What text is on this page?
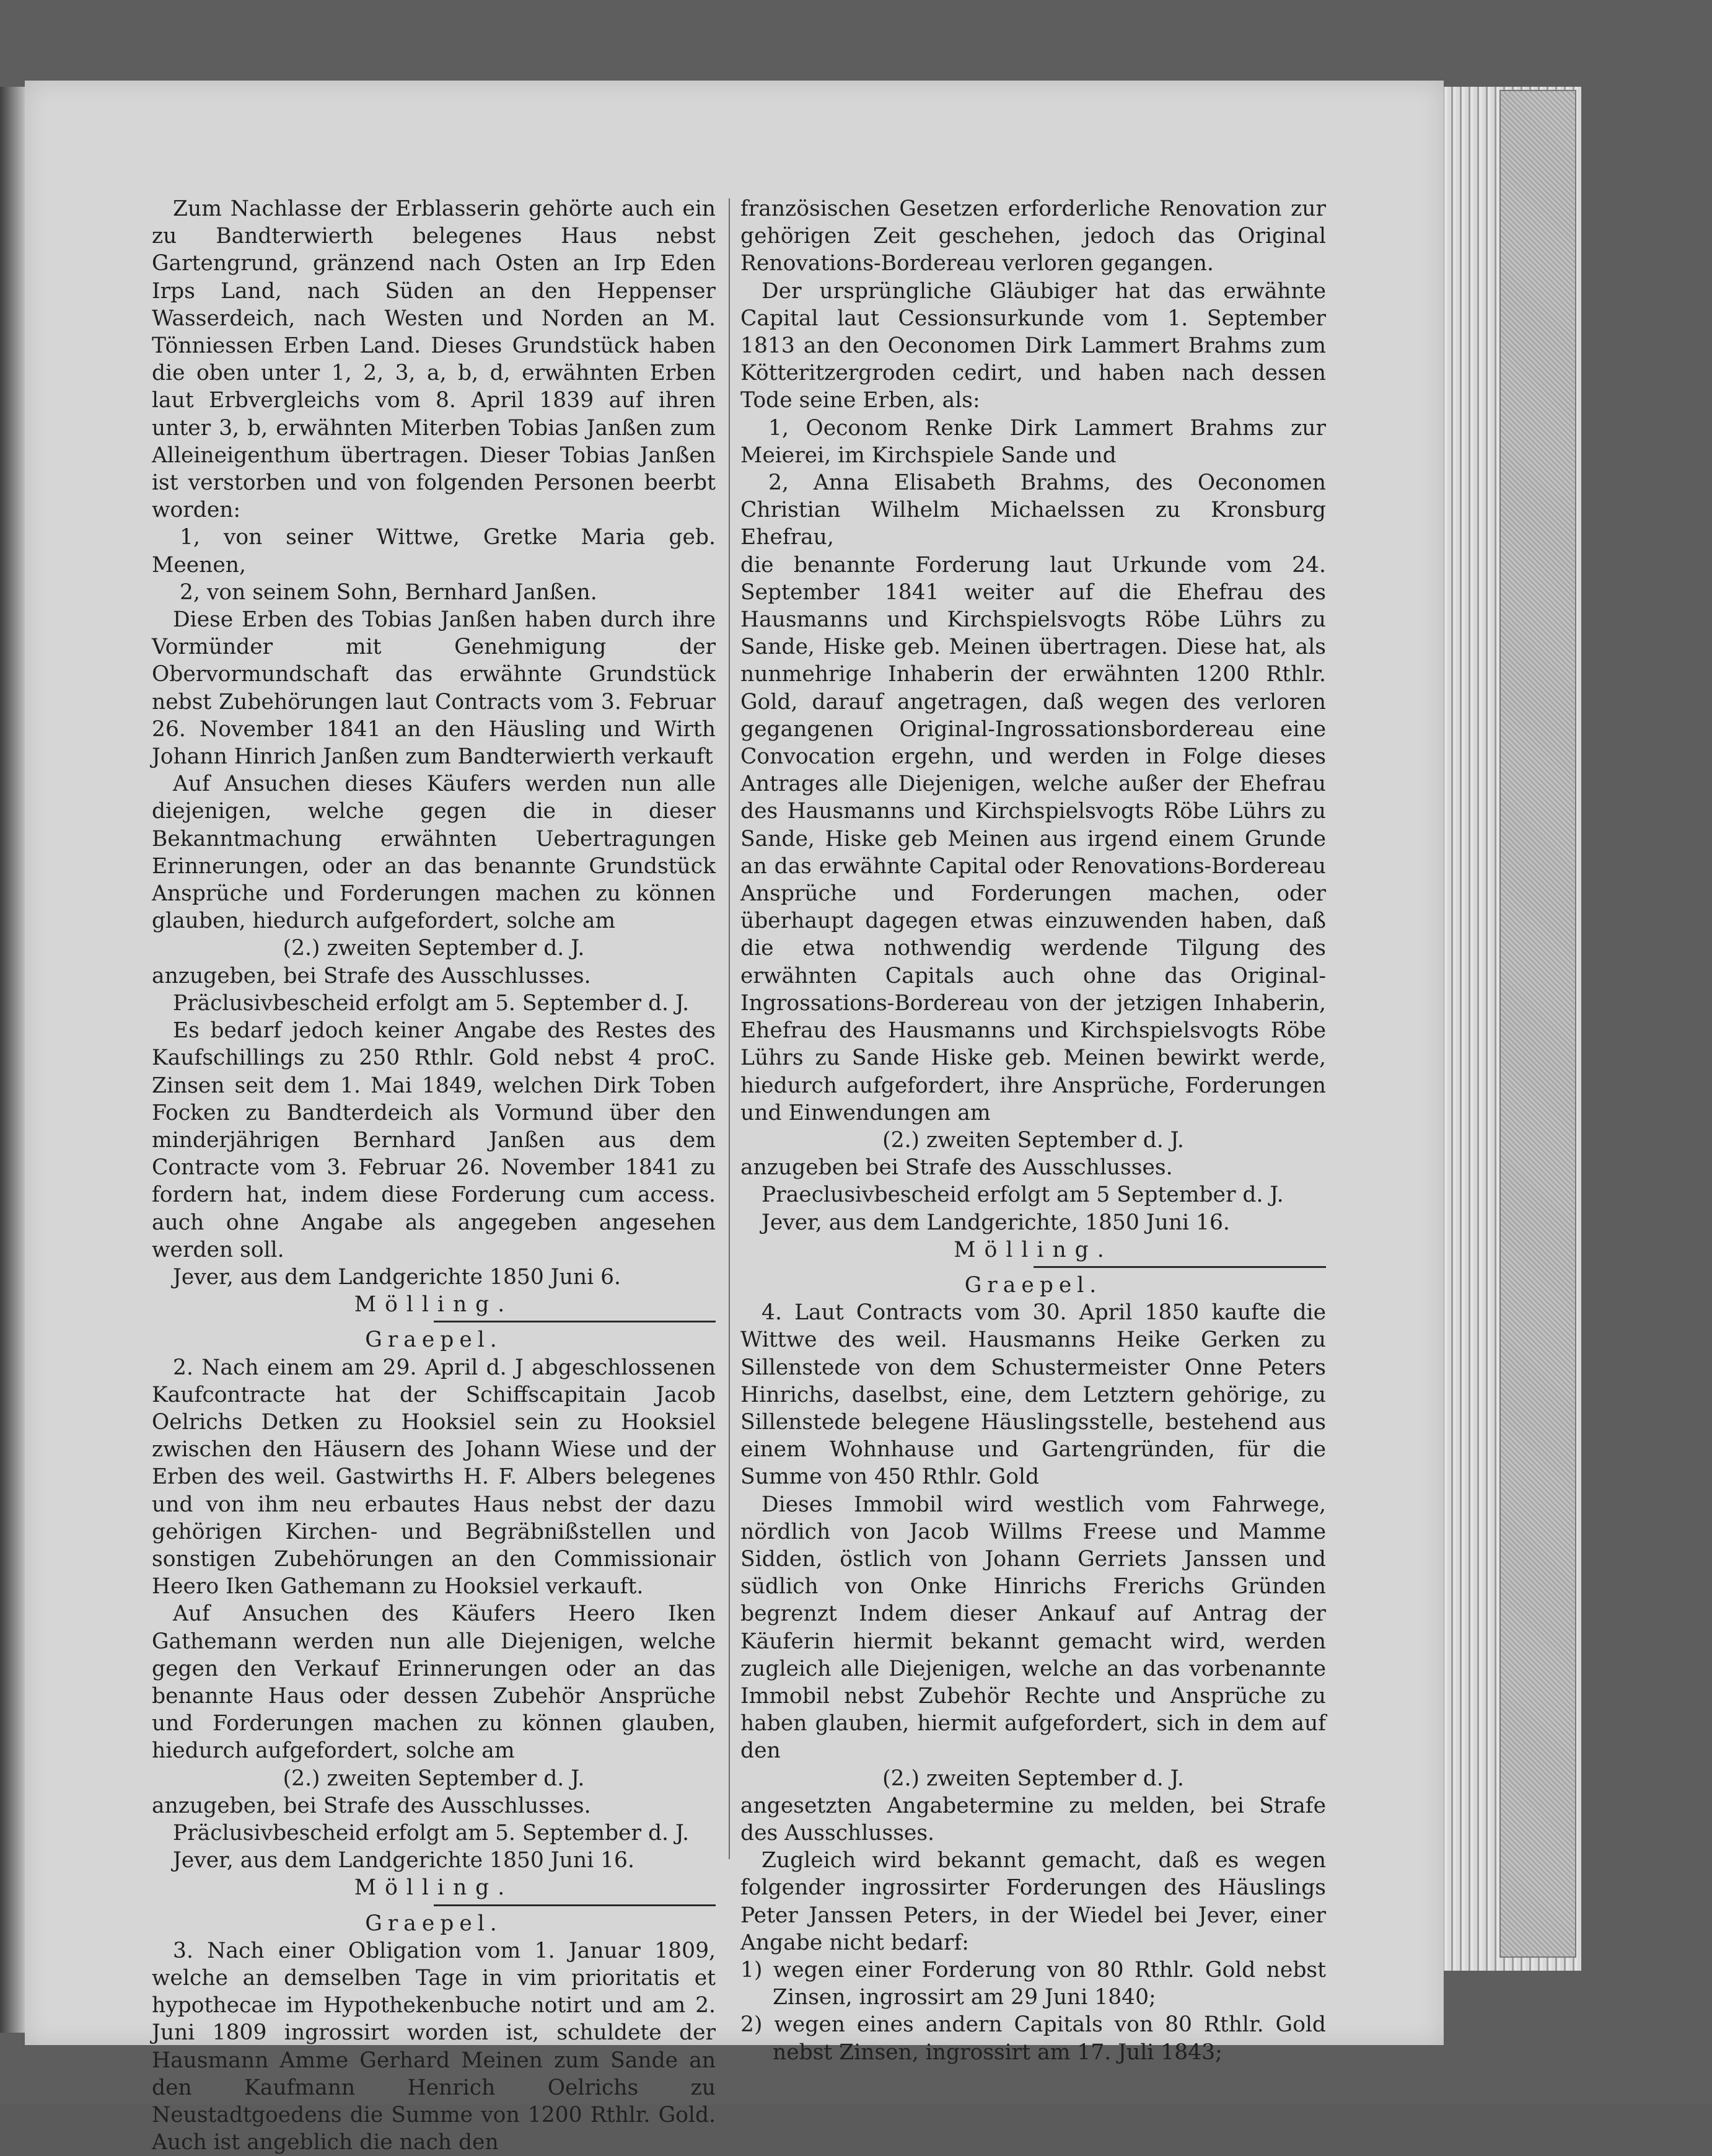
Zum Nachlasse der Erblasserin gehörte auch ein zu Bandterwierth belegenes Haus nebst Gartengrund, gränzend nach Osten an Irp Eden Irps Land, nach Süden an den Heppenser Wasserdeich, nach Westen und Norden an M. Tönniessen Erben Land. Dieses Grundstück haben die oben unter 1, 2, 3, a, b, d, erwähnten Erben laut Erbvergleichs vom 8. April 1839 auf ihren unter 3, b, erwähnten Miterben Tobias Janßen zum Alleineigenthum übertragen. Dieser Tobias Janßen ist verstorben und von folgenden Personen beerbt worden:

1, von seiner Wittwe, Gretke Maria geb. Meenen,

2, von seinem Sohn, Bernhard Janßen.

Diese Erben des Tobias Janßen haben durch ihre Vormünder mit Genehmigung der Obervormundschaft das erwähnte Grundstück nebst Zubehörungen laut Contracts vom 3. Februar 26. November 1841 an den Häusling und Wirth Johann Hinrich Janßen zum Bandterwierth verkauft

Auf Ansuchen dieses Käufers werden nun alle diejenigen, welche gegen die in dieser Bekanntmachung erwähnten Uebertragungen Erinnerungen, oder an das benannte Grundstück Ansprüche und Forderungen machen zu können glauben, hiedurch aufgefordert, solche am

(2.) zweiten September d. J.

anzugeben, bei Strafe des Ausschlusses.

Präclusivbescheid erfolgt am 5. September d. J.

Es bedarf jedoch keiner Angabe des Restes des Kaufschillings zu 250 Rthlr. Gold nebst 4 proC. Zinsen seit dem 1. Mai 1849, welchen Dirk Toben Focken zu Bandterdeich als Vormund über den minderjährigen Bernhard Janßen aus dem Contracte vom 3. Februar 26. November 1841 zu fordern hat, indem diese Forderung cum access. auch ohne Angabe als angegeben angesehen werden soll.

Jever, aus dem Landgerichte 1850 Juni 6.

Mölling.

Graepel.

2. Nach einem am 29. April d. J abgeschlossenen Kaufcontracte hat der Schiffscapitain Jacob Oelrichs Detken zu Hooksiel sein zu Hooksiel zwischen den Häusern des Johann Wiese und der Erben des weil. Gastwirths H. F. Albers belegenes und von ihm neu erbautes Haus nebst der dazu gehörigen Kirchen- und Begräbnißstellen und sonstigen Zubehörungen an den Commissionair Heero Iken Gathemann zu Hooksiel verkauft.

Auf Ansuchen des Käufers Heero Iken Gathemann werden nun alle Diejenigen, welche gegen den Verkauf Erinnerungen oder an das benannte Haus oder dessen Zubehör Ansprüche und Forderungen machen zu können glauben, hiedurch aufgefordert, solche am

(2.) zweiten September d. J.

anzugeben, bei Strafe des Ausschlusses.

Präclusivbescheid erfolgt am 5. September d. J.

Jever, aus dem Landgerichte 1850 Juni 16.

Mölling.

Graepel.

3. Nach einer Obligation vom 1. Januar 1809, welche an demselben Tage in vim prioritatis et hypothecae im Hypothekenbuche notirt und am 2. Juni 1809 ingrossirt worden ist, schuldete der Hausmann Amme Gerhard Meinen zum Sande an den Kaufmann Henrich Oelrichs zu Neustadtgoedens die Summe von 1200 Rthlr. Gold. Auch ist angeblich die nach den

französischen Gesetzen erforderliche Renovation zur gehörigen Zeit geschehen, jedoch das Original Renovations-Bordereau verloren gegangen.

Der ursprüngliche Gläubiger hat das erwähnte Capital laut Cessionsurkunde vom 1. September 1813 an den Oeconomen Dirk Lammert Brahms zum Kötteritzergroden cedirt, und haben nach dessen Tode seine Erben, als:

1, Oeconom Renke Dirk Lammert Brahms zur Meierei, im Kirchspiele Sande und

2, Anna Elisabeth Brahms, des Oeconomen Christian Wilhelm Michaelssen zu Kronsburg Ehefrau,

die benannte Forderung laut Urkunde vom 24. September 1841 weiter auf die Ehefrau des Hausmanns und Kirchspielsvogts Röbe Lührs zu Sande, Hiske geb. Meinen übertragen. Diese hat, als nunmehrige Inhaberin der erwähnten 1200 Rthlr. Gold, darauf angetragen, daß wegen des verloren gegangenen Original-Ingrossationsbordereau eine Convocation ergehn, und werden in Folge dieses Antrages alle Diejenigen, welche außer der Ehefrau des Hausmanns und Kirchspielsvogts Röbe Lührs zu Sande, Hiske geb Meinen aus irgend einem Grunde an das erwähnte Capital oder Renovations-Bordereau Ansprüche und Forderungen machen, oder überhaupt dagegen etwas einzuwenden haben, daß die etwa nothwendig werdende Tilgung des erwähnten Capitals auch ohne das Original-Ingrossations-Bordereau von der jetzigen Inhaberin, Ehefrau des Hausmanns und Kirchspielsvogts Röbe Lührs zu Sande Hiske geb. Meinen bewirkt werde, hiedurch aufgefordert, ihre Ansprüche, Forderungen und Einwendungen am

(2.) zweiten September d. J.

anzugeben bei Strafe des Ausschlusses.

Praeclusivbescheid erfolgt am 5 September d. J.

Jever, aus dem Landgerichte, 1850 Juni 16.

Mölling.

Graepel.

4. Laut Contracts vom 30. April 1850 kaufte die Wittwe des weil. Hausmanns Heike Gerken zu Sillenstede von dem Schustermeister Onne Peters Hinrichs, daselbst, eine, dem Letztern gehörige, zu Sillenstede belegene Häuslingsstelle, bestehend aus einem Wohnhause und Gartengründen, für die Summe von 450 Rthlr. Gold

Dieses Immobil wird westlich vom Fahrwege, nördlich von Jacob Willms Freese und Mamme Sidden, östlich von Johann Gerriets Janssen und südlich von Onke Hinrichs Frerichs Gründen begrenzt Indem dieser Ankauf auf Antrag der Käuferin hiermit bekannt gemacht wird, werden zugleich alle Diejenigen, welche an das vorbenannte Immobil nebst Zubehör Rechte und Ansprüche zu haben glauben, hiermit aufgefordert, sich in dem auf den

(2.) zweiten September d. J.

angesetzten Angabetermine zu melden, bei Strafe des Ausschlusses.

Zugleich wird bekannt gemacht, daß es wegen folgender ingrossirter Forderungen des Häuslings Peter Janssen Peters, in der Wiedel bei Jever, einer Angabe nicht bedarf:

1) wegen einer Forderung von 80 Rthlr. Gold nebst Zinsen, ingrossirt am 29 Juni 1840;

2) wegen eines andern Capitals von 80 Rthlr. Gold nebst Zinsen, ingrossirt am 17. Juli 1843;
